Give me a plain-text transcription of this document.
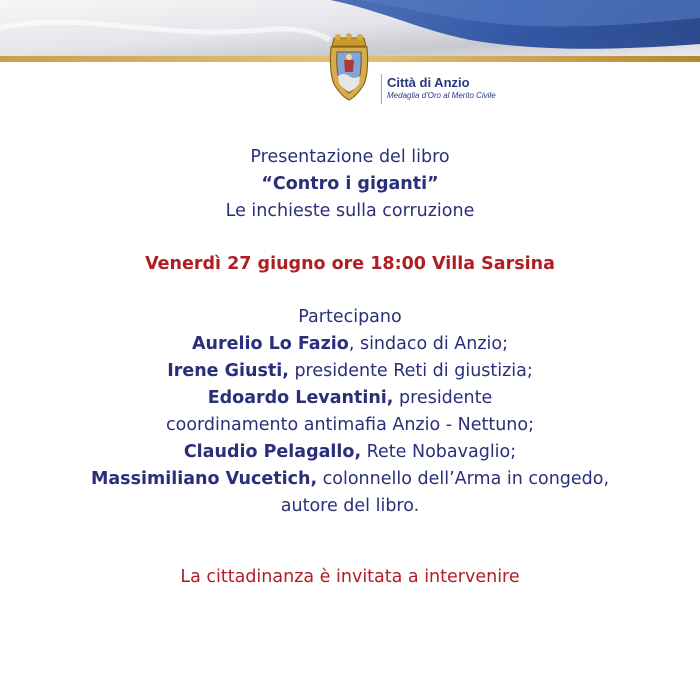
Città di Anzio
Medaglia d'Oro al Merito Civile
Presentazione del libro
“Contro i giganti”
Le inchieste sulla corruzione
Venerdì 27 giugno ore 18:00 Villa Sarsina
Partecipano
Aurelio Lo Fazio, sindaco di Anzio;
Irene Giusti, presidente Reti di giustizia;
Edoardo Levantini, presidente
coordinamento antimafia Anzio - Nettuno;
Claudio Pelagallo, Rete Nobavaglio;
Massimiliano Vucetich, colonnello dell’Arma in congedo,
autore del libro.
La cittadinanza è invitata a intervenire
